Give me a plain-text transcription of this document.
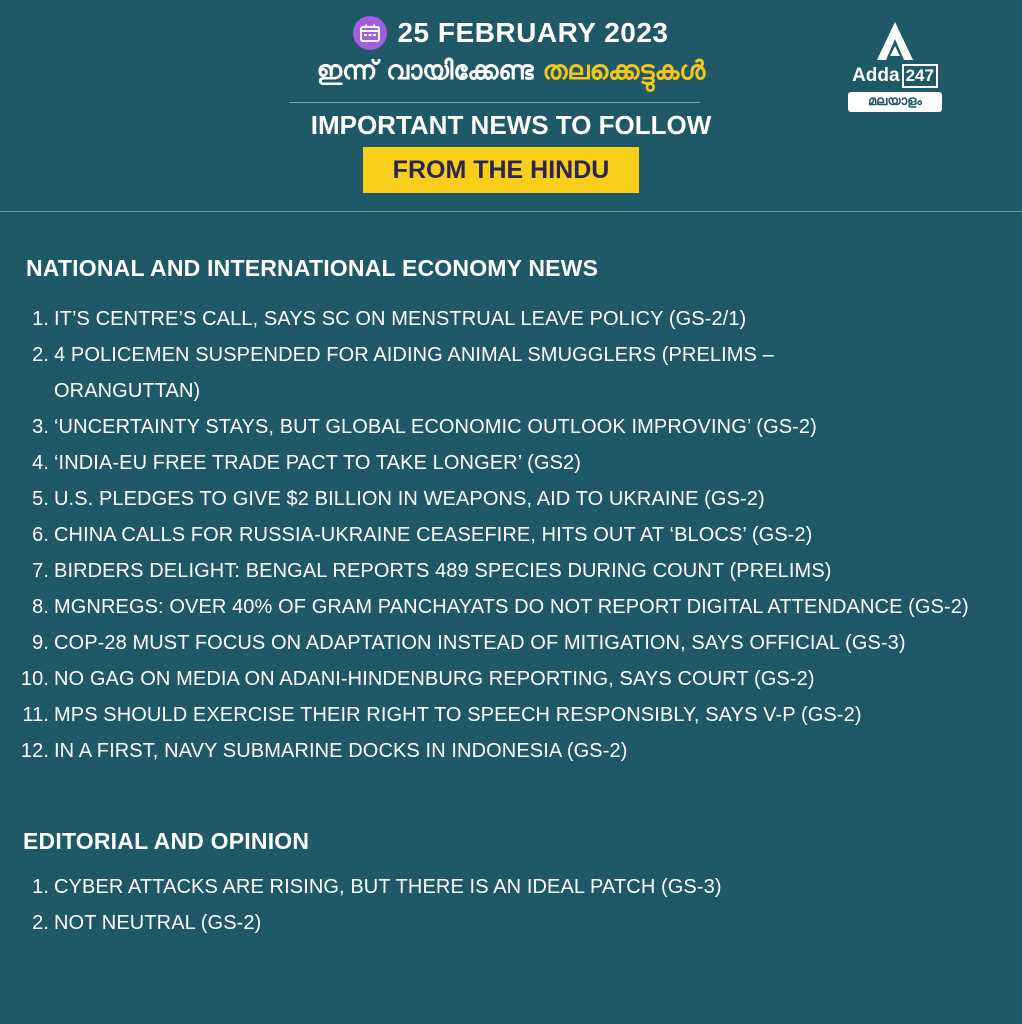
25 FEBRUARY 2023
ഇന്ന് വായിക്കേണ്ട തലക്കെട്ടുകൾ
IMPORTANT NEWS TO FOLLOW
FROM THE HINDU
Adda 247
മലയാളം
NATIONAL AND INTERNATIONAL ECONOMY NEWS
1. IT’S CENTRE’S CALL, SAYS SC ON MENSTRUAL LEAVE POLICY (GS-2/1)
2. 4 POLICEMEN SUSPENDED FOR AIDING ANIMAL SMUGGLERS (PRELIMS – ORANGUTTAN)
3. ‘UNCERTAINTY STAYS, BUT GLOBAL ECONOMIC OUTLOOK IMPROVING’ (GS-2)
4. ‘INDIA-EU FREE TRADE PACT TO TAKE LONGER’ (GS2)
5. U.S. PLEDGES TO GIVE $2 BILLION IN WEAPONS, AID TO UKRAINE (GS-2)
6. CHINA CALLS FOR RUSSIA-UKRAINE CEASEFIRE, HITS OUT AT ‘BLOCS’ (GS-2)
7. BIRDERS DELIGHT: BENGAL REPORTS 489 SPECIES DURING COUNT (PRELIMS)
8. MGNREGS: OVER 40% OF GRAM PANCHAYATS DO NOT REPORT DIGITAL ATTENDANCE (GS-2)
9. COP-28 MUST FOCUS ON ADAPTATION INSTEAD OF MITIGATION, SAYS OFFICIAL (GS-3)
10. NO GAG ON MEDIA ON ADANI-HINDENBURG REPORTING, SAYS COURT (GS-2)
11. MPS SHOULD EXERCISE THEIR RIGHT TO SPEECH RESPONSIBLY, SAYS V-P (GS-2)
12. IN A FIRST, NAVY SUBMARINE DOCKS IN INDONESIA (GS-2)
EDITORIAL AND OPINION
1. CYBER ATTACKS ARE RISING, BUT THERE IS AN IDEAL PATCH (GS-3)
2. NOT NEUTRAL (GS-2)
